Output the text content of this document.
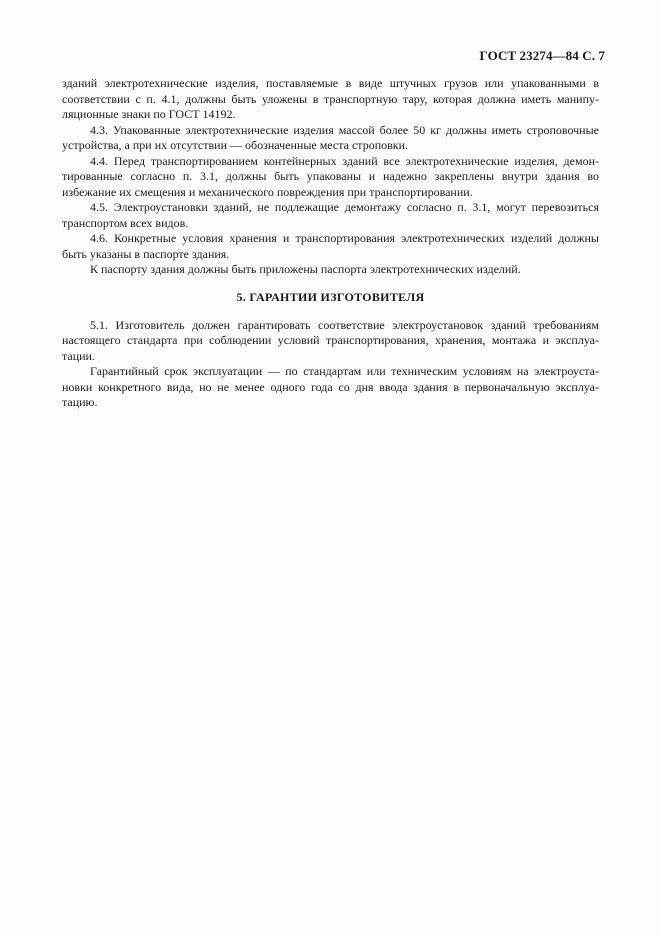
ГОСТ 23274—84 С. 7

зданий электротехнические изделия, поставляемые в виде штучных грузов или упакованными в
соответствии с п. 4.1, должны быть уложены в транспортную тару, которая должна иметь манипу-
ляционные знаки по ГОСТ 14192.

4.3. Упакованные электротехнические изделия массой более 50 кг должны иметь строповочные
устройства, а при их отсутствии — обозначенные места строповки.

4.4. Перед транспортированием контейнерных зданий все электротехнические изделия, демон-
тированные согласно п. 3.1, должны быть упакованы и надежно закреплены внутри здания во
избежание их смещения и механического повреждения при транспортировании.

4.5. Электроустановки зданий, не подлежащие демонтажу согласно п. 3.1, могут перевозиться
транспортом всех видов.

4.6. Конкретные условия хранения и транспортирования электротехнических изделий должны
быть указаны в паспорте здания.

К паспорту здания должны быть приложены паспорта электротехнических изделий.

5. ГАРАНТИИ ИЗГОТОВИТЕЛЯ

5.1. Изготовитель должен гарантировать соответствие электроустановок зданий требованиям
настоящего стандарта при соблюдении условий транспортирования, хранения, монтажа и эксплуа-
тации.

Гарантийный срок эксплуатации — по стандартам или техническим условиям на электроуста-
новки конкретного вида, но не менее одного года со дня ввода здания в первоначальную эксплуа-
тацию.
